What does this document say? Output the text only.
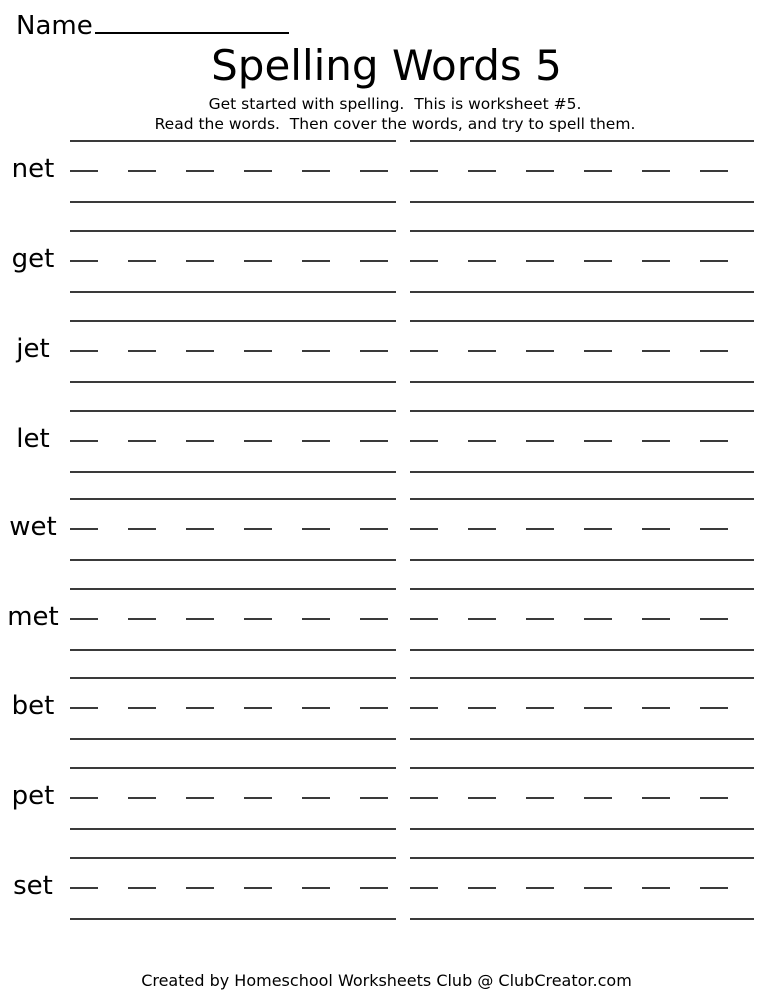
Name
Spelling Words 5
Get started with spelling.  This is worksheet #5.
Read the words.  Then cover the words, and try to spell them.
net
get
jet
let
wet
met
bet
pet
set
Created by Homeschool Worksheets Club @ ClubCreator.com
